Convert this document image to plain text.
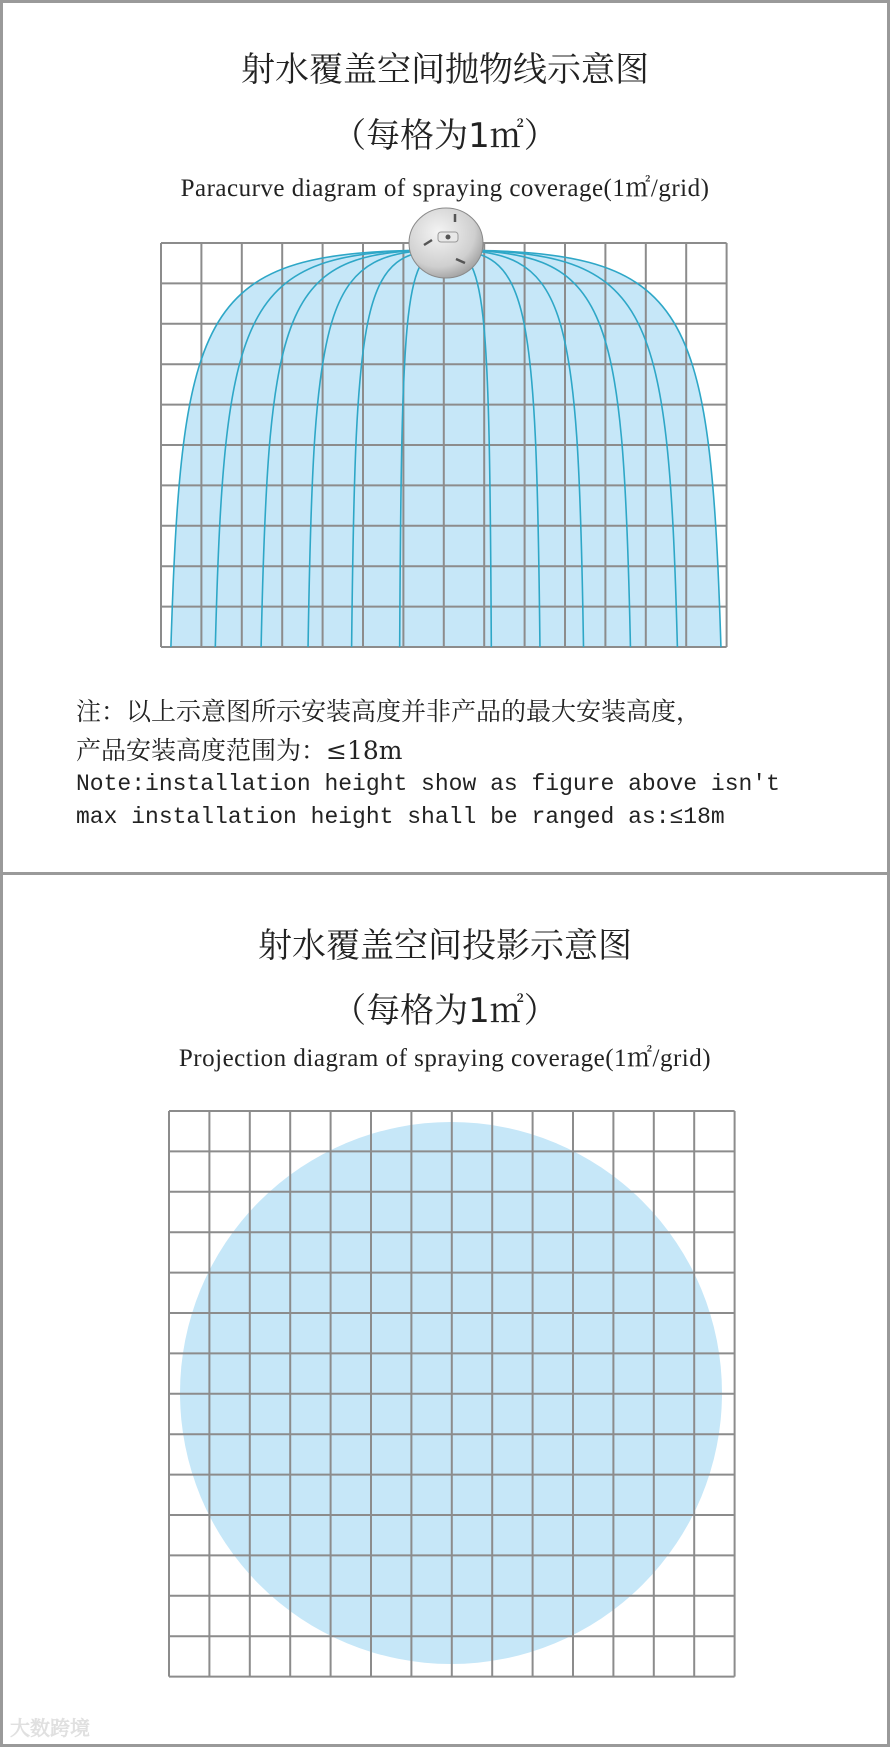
射水覆盖空间抛物线示意图
（每格为1㎡）
Paracurve diagram of spraying coverage(1㎡/grid)
注：以上示意图所示安装高度并非产品的最大安装高度，
产品安装高度范围为：≤18m
Note:installation height show as figure above isn't
max installation height shall be ranged as:≤18m
射水覆盖空间投影示意图
（每格为1㎡）
Projection diagram of spraying coverage(1㎡/grid)
大数跨境
